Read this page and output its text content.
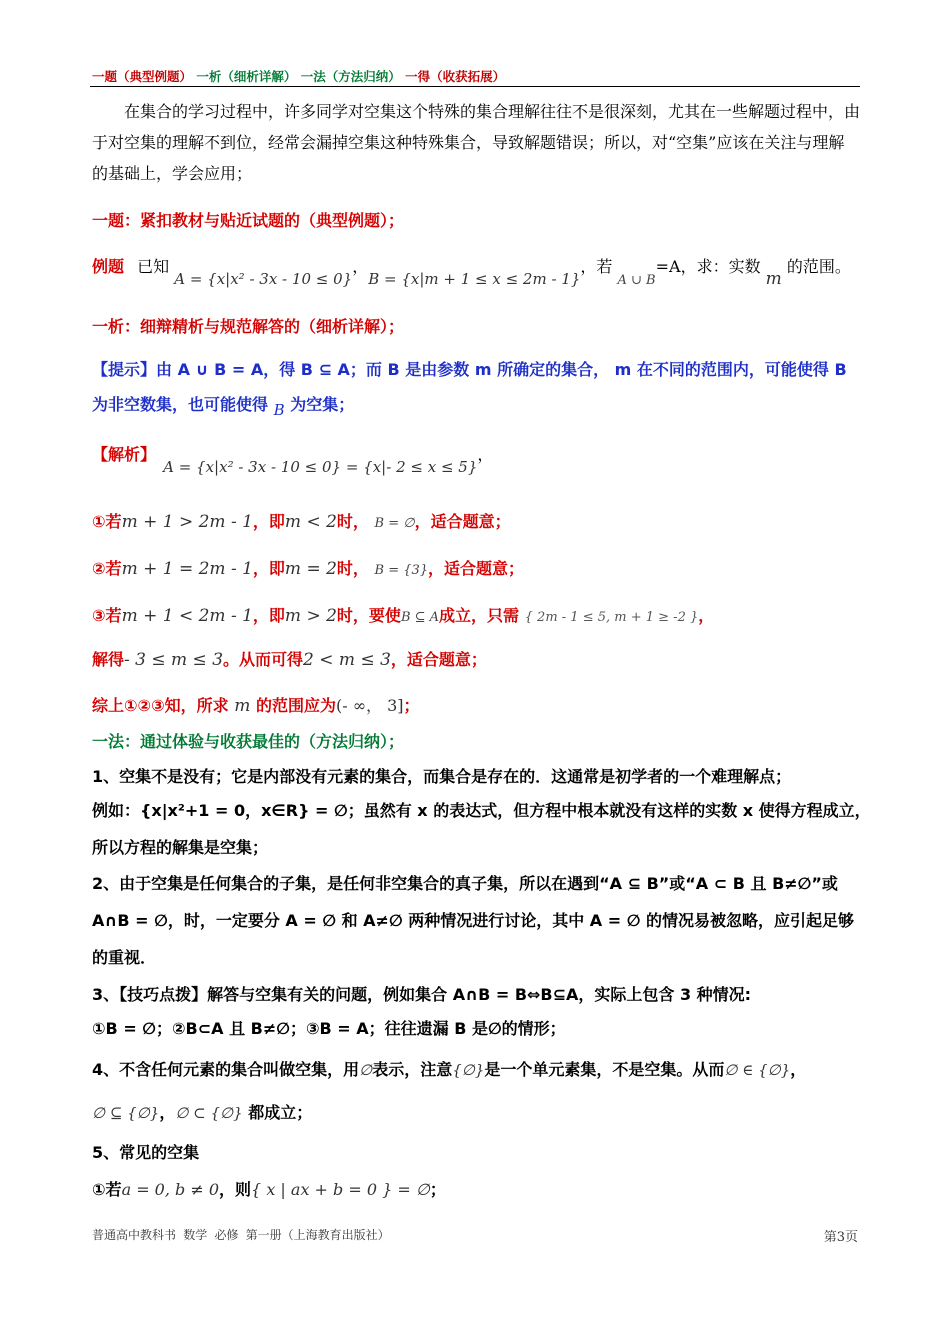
一题（典型例题） 一析（细析详解） 一法（方法归纳） 一得（收获拓展）
在集合的学习过程中，许多同学对空集这个特殊的集合理解往往不是很深刻，尤其在一些解题过程中，由于对空集的理解不到位，经常会漏掉空集这种特殊集合，导致解题错误；所以，对“空集”应该在关注与理解的基础上，学会应用；
一题：紧扣教材与贴近试题的（典型例题）；
例题 已知 A = {x|x² - 3x - 10 ≤ 0}，B = {x|m + 1 ≤ x ≤ 2m - 1}，若 $_{A \cup B}$=A，求：实数 m 的范围。
一析：细辩精析与规范解答的（细析详解）；
【提示】由 A ∪ B = A，得 B ⊆ A；而 B 是由参数 m 所确定的集合， m 在不同的范围内，可能使得 B
为非空数集，也可能使得 B 为空集；
【解析】 A = {x|x² - 3x - 10 ≤ 0} = {x|- 2 ≤ x ≤ 5}，
①若m + 1 > 2m - 1，即m < 2时， B = ∅，适合题意；
②若m + 1 = 2m - 1，即m = 2时， B = {3}，适合题意；
③若m + 1 < 2m - 1，即m > 2时，要使B ⊆ A成立，只需 { 2m - 1 ≤ 5, m + 1 ≥ -2 }，
解得- 3 ≤ m ≤ 3。从而可得2 < m ≤ 3，适合题意；
综上①②③知，所求 m 的范围应为(- ∞， 3]；
一法：通过体验与收获最佳的（方法归纳）；
1、空集不是没有；它是内部没有元素的集合，而集合是存在的．这通常是初学者的一个难理解点；
例如：{x|x²+1 = 0，x∈R} = ∅；虽然有 x 的表达式，但方程中根本就没有这样的实数 x 使得方程成立，
所以方程的解集是空集；
2、由于空集是任何集合的子集，是任何非空集合的真子集，所以在遇到“A ⊆ B”或“A ⊂ B 且 B≠∅”或
A∩B = ∅，时，一定要分 A = ∅ 和 A≠∅ 两种情况进行讨论，其中 A = ∅ 的情况易被忽略，应引起足够
的重视．
3、【技巧点拨】解答与空集有关的问题，例如集合 A∩B = B⇔B⊆A，实际上包含 3 种情况:
①B = ∅；②B⊂A 且 B≠∅；③B = A；往往遗漏 B 是∅的情形；
4、不含任何元素的集合叫做空集，用∅表示，注意{∅}是一个单元素集，不是空集。从而∅ ∈ {∅}，
∅ ⊆ {∅}，∅ ⊂ {∅} 都成立；
5、常见的空集
①若a = 0, b ≠ 0，则{ x | ax + b = 0 } = ∅；
普通高中教科书 数学 必修 第一册（上海教育出版社）	第3页
